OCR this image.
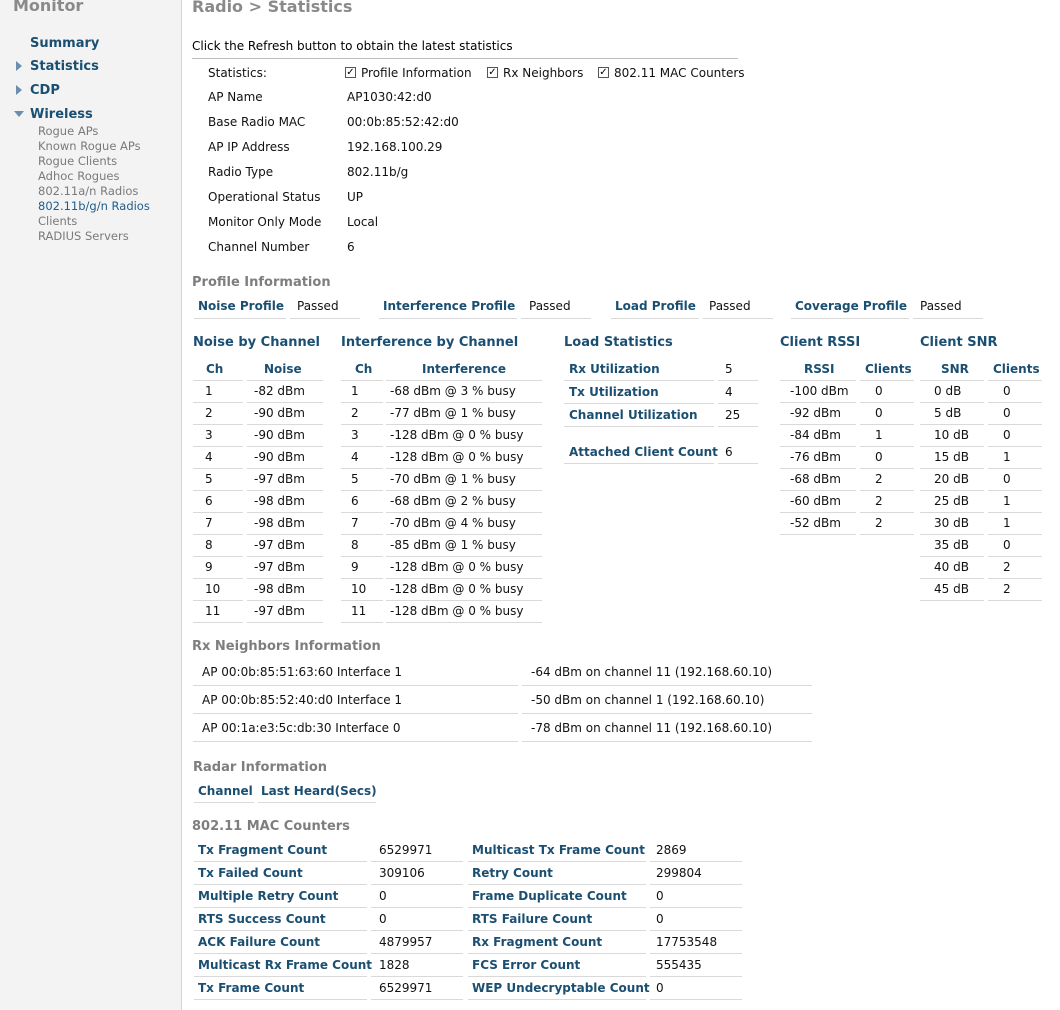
Monitor
Summary
Statistics
CDP
Wireless
Rogue APs
Known Rogue APs
Rogue Clients
Adhoc Rogues
802.11a/n Radios
802.11b/g/n Radios
Clients
RADIUS Servers
Radio > Statistics
Click the Refresh button to obtain the latest statistics
Statistics:	✓ Profile Information ✓ Rx Neighbors ✓ 802.11 MAC Counters
AP Name	AP1030:42:d0
Base Radio MAC	00:0b:85:52:42:d0
AP IP Address	192.168.100.29
Radio Type	802.11b/g
Operational Status UP
Monitor Only Mode Local
Channel Number	6
Profile Information
Noise Profile Passed	Interference Profile Passed	Load Profile Passed	Coverage Profile Passed
Noise by Channel Interference by Channel	Load Statistics	Client RSSI	Client SNR
Ch	Noise
1	-82 dBm
2	-90 dBm
3	-90 dBm
4	-90 dBm
5	-97 dBm
6	-98 dBm
7	-98 dBm
8	-97 dBm
9	-97 dBm
10	-98 dBm
11	-97 dBm
Ch	Interference
1	-68 dBm @ 3 % busy
2	-77 dBm @ 1 % busy
3	-128 dBm @ 0 % busy
4	-128 dBm @ 0 % busy
5	-70 dBm @ 1 % busy
6	-68 dBm @ 2 % busy
7	-70 dBm @ 4 % busy
8	-85 dBm @ 1 % busy
9	-128 dBm @ 0 % busy
10 -128 dBm @ 0 % busy
11 -128 dBm @ 0 % busy
Rx Utilization	5
Tx Utilization	4
Channel Utilization 25
Attached Client Count 6
RSSI	Clients
-100 dBm 0
-92 dBm	0
-84 dBm	1
-76 dBm	0
-68 dBm	2
-60 dBm	2
-52 dBm	2
SNR Clients
0 dB	0
5 dB	0
10 dB	0
15 dB	1
20 dB	0
25 dB	1
30 dB	1
35 dB	0
40 dB	2
45 dB	2
Rx Neighbors Information
AP 00:0b:85:51:63:60 Interface 1	-64 dBm on channel 11 (192.168.60.10)
AP 00:0b:85:52:40:d0 Interface 1	-50 dBm on channel 1 (192.168.60.10)
AP 00:1a:e3:5c:db:30 Interface 0	-78 dBm on channel 11 (192.168.60.10)
Radar Information
Channel Last Heard(Secs)
802.11 MAC Counters
Tx Fragment Count	6529971	Multicast Tx Frame Count 2869
Tx Failed Count	309106	Retry Count	299804
Multiple Retry Count	0	Frame Duplicate Count 0
RTS Success Count	0	RTS Failure Count	0
ACK Failure Count	4879957	Rx Fragment Count	17753548
Multicast Rx Frame Count 1828	FCS Error Count	555435
Tx Frame Count	6529971	WEP Undecryptable Count 0
